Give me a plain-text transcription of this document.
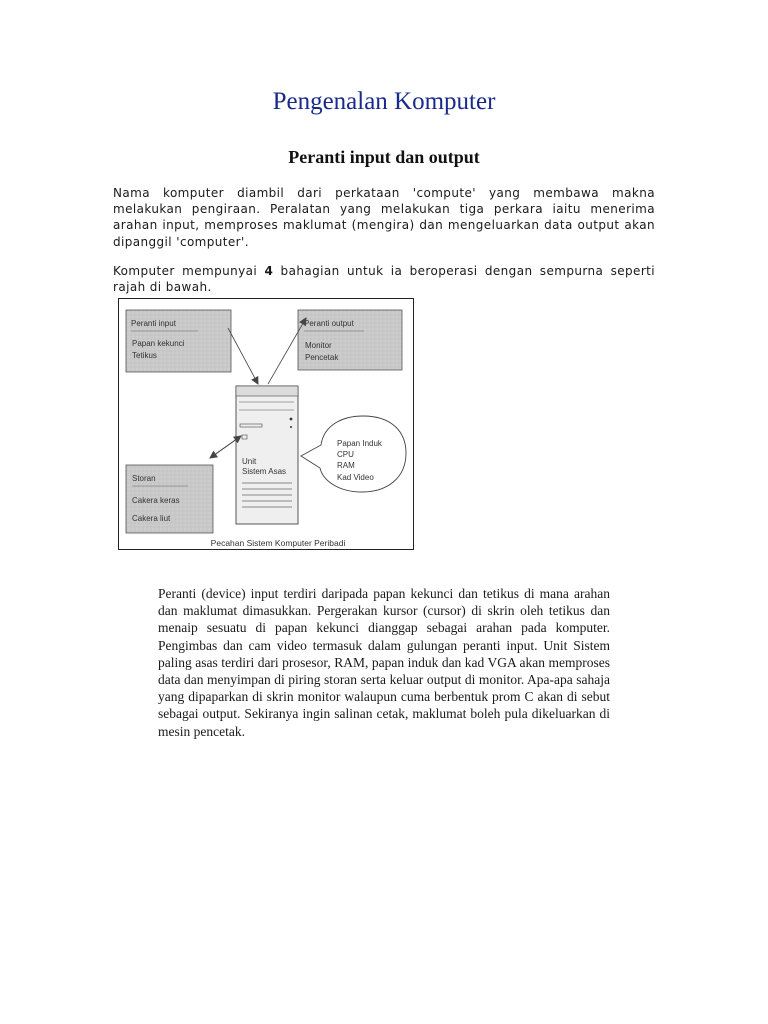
Pengenalan Komputer
Peranti input dan output

Nama komputer diambil dari perkataan 'compute' yang membawa makna melakukan pengiraan. Peralatan yang melakukan tiga perkara iaitu menerima arahan input, memproses maklumat (mengira) dan mengeluarkan data output akan dipanggil 'computer'.

Komputer mempunyai 4 bahagian untuk ia beroperasi dengan sempurna seperti rajah di bawah.

Peranti input
Papan kekunci
Tetikus
Peranti output
Monitor
Pencetak
Storan
Cakera keras
Cakera liut
Unit
Sistem Asas
Papan Induk
CPU
RAM
Kad Video
Pecahan Sistem Komputer Peribadi

Peranti (device) input terdiri daripada papan kekunci dan tetikus di mana arahan dan maklumat dimasukkan. Pergerakan kursor (cursor) di skrin oleh tetikus dan menaip sesuatu di papan kekunci dianggap sebagai arahan pada komputer. Pengimbas dan cam video termasuk dalam gulungan peranti input. Unit Sistem paling asas terdiri dari prosesor, RAM, papan induk dan kad VGA akan memproses data dan menyimpan di piring storan serta keluar output di monitor. Apa-apa sahaja yang dipaparkan di skrin monitor walaupun cuma berbentuk prom C akan di sebut sebagai output. Sekiranya ingin salinan cetak, maklumat boleh pula dikeluarkan di mesin pencetak.
